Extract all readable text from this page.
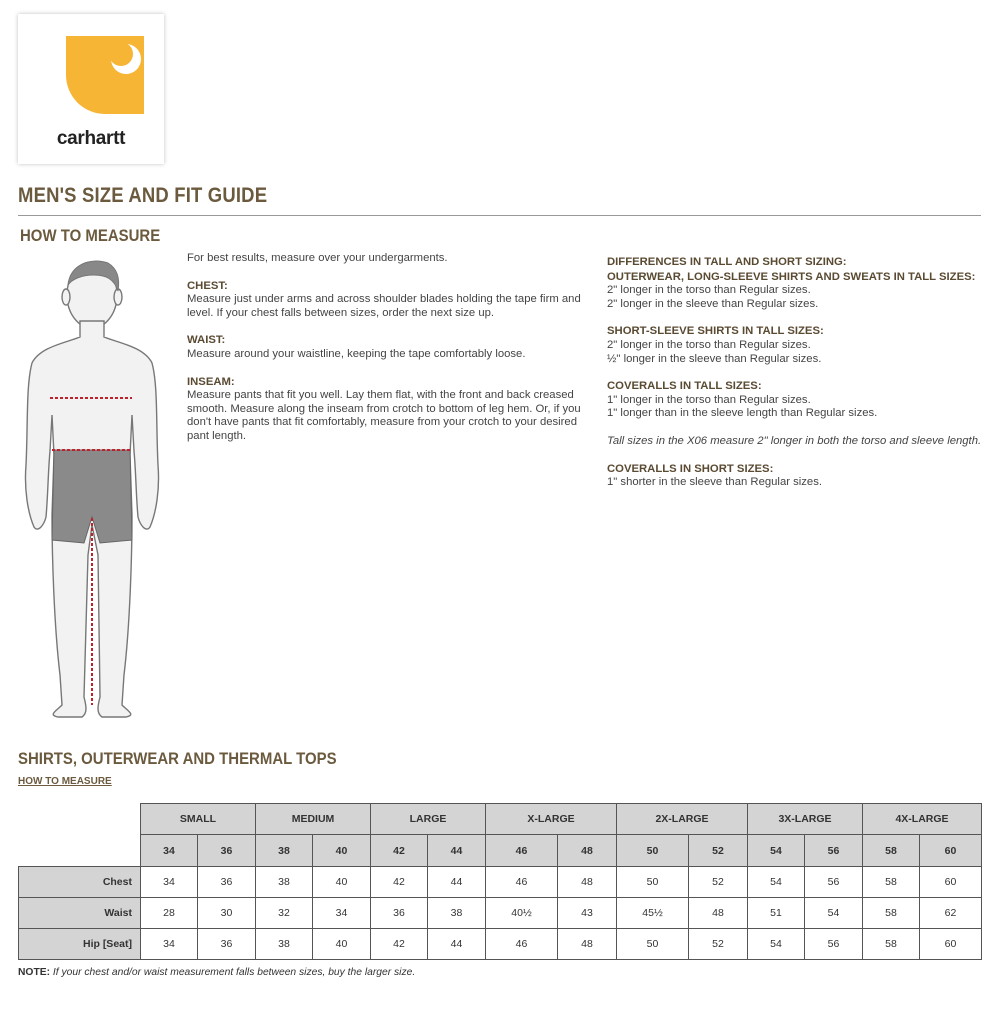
carhartt
MEN'S SIZE AND FIT GUIDE
HOW TO MEASURE

For best results, measure over your undergarments.

CHEST:
Measure just under arms and across shoulder blades holding the tape firm and level. If your chest falls between sizes, order the next size up.

WAIST:
Measure around your waistline, keeping the tape comfortably loose.

INSEAM:
Measure pants that fit you well. Lay them flat, with the front and back creased smooth. Measure along the inseam from crotch to bottom of leg hem. Or, if you don't have pants that fit comfortably, measure from your crotch to your desired pant length.

DIFFERENCES IN TALL AND SHORT SIZING:

OUTERWEAR, LONG-SLEEVE SHIRTS AND SWEATS IN TALL SIZES:
2" longer in the torso than Regular sizes.
2" longer in the sleeve than Regular sizes.

SHORT-SLEEVE SHIRTS IN TALL SIZES:
2" longer in the torso than Regular sizes.
½" longer in the sleeve than Regular sizes.

COVERALLS IN TALL SIZES:
1" longer in the torso than Regular sizes.
1" longer than in the sleeve length than Regular sizes.

Tall sizes in the X06 measure 2" longer in both the torso and sleeve length.

COVERALLS IN SHORT SIZES:
1" shorter in the sleeve than Regular sizes.

SHIRTS, OUTERWEAR AND THERMAL TOPS
HOW TO MEASURE
	SMALL		MEDIUM		LARGE		X-LARGE		2X-LARGE		3X-LARGE		4X-LARGE	
	34	36	38	40	42	44	46	48	50	52	54	56	58	60
Chest	34	36	38	40	42	44	46	48	50	52	54	56	58	60
Waist	28	30	32	34	36	38	40½	43	45½	48	51	54	58	62
Hip [Seat]	34	36	38	40	42	44	46	48	50	52	54	56	58	60
NOTE: If your chest and/or waist measurement falls between sizes, buy the larger size.
